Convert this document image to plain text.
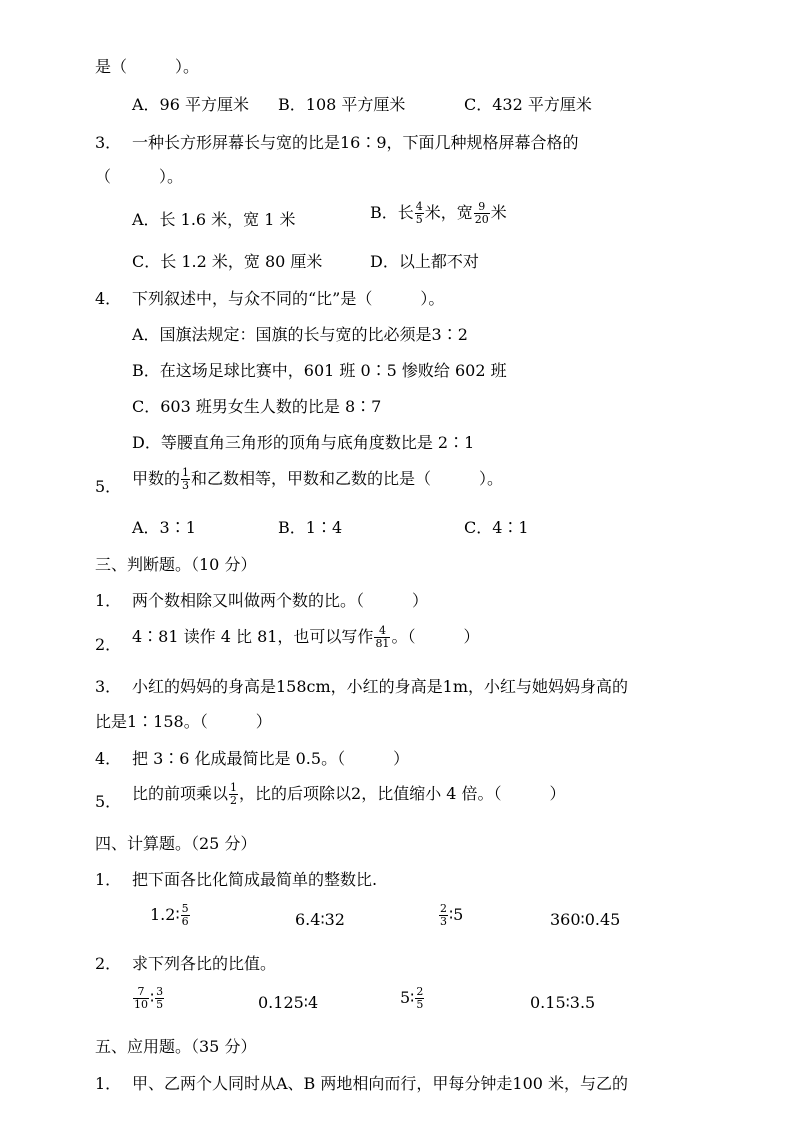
是（　　　）。
A．96 平方厘米 B．108 平方厘米	C．432 平方厘米
3． 一种长方形屏幕长与宽的比是16∶9，下面几种规格屏幕合格的
（　　　）。
A．长 1.6 米，宽 1 米	B．长 $\frac{4}{5}$ 米，宽 $\frac{9}{20}$ 米
C．长 1.2 米，宽 80 厘米	D．以上都不对
4． 下列叙述中，与众不同的“比”是（　　　）。
A．国旗法规定：国旗的长与宽的比必须是3∶2
B．在这场足球比赛中，601 班 0∶5 惨败给 602 班
C．603 班男女生人数的比是 8∶7
D．等腰直角三角形的顶角与底角度数比是 2∶1
5． 甲数的 $\frac{1}{3}$ 和乙数相等，甲数和乙数的比是（　　　）。
A．3∶1	B．1∶4	C．4∶1
三、判断题。（10 分）
1． 两个数相除又叫做两个数的比。（　　　）
2． 4∶81 读作 4 比 81，也可以写作 $\frac{4}{81}$ 。（　　　）
3． 小红的妈妈的身高是158cm，小红的身高是1m，小红与她妈妈身高的
比是1∶158。（　　　）
4． 把 3∶6 化成最简比是 0.5。（　　　）
5． 比的前项乘以 $\frac{1}{2}$ ，比的后项除以2，比值缩小 4 倍。（　　　）
四、计算题。（25 分）
1． 把下面各比化简成最简单的整数比.
1.2∶ $\frac{5}{6}$	6.4∶32	$\frac{2}{3}$ ∶5	360∶0.45
2． 求下列各比的比值。
$\frac{7}{10}$ ∶ $\frac{3}{5}$	0.125∶4	5∶ $\frac{2}{5}$	0.15∶3.5
五、应用题。（35 分）
1． 甲、乙两个人同时从A、B 两地相向而行，甲每分钟走100 米，与乙的
